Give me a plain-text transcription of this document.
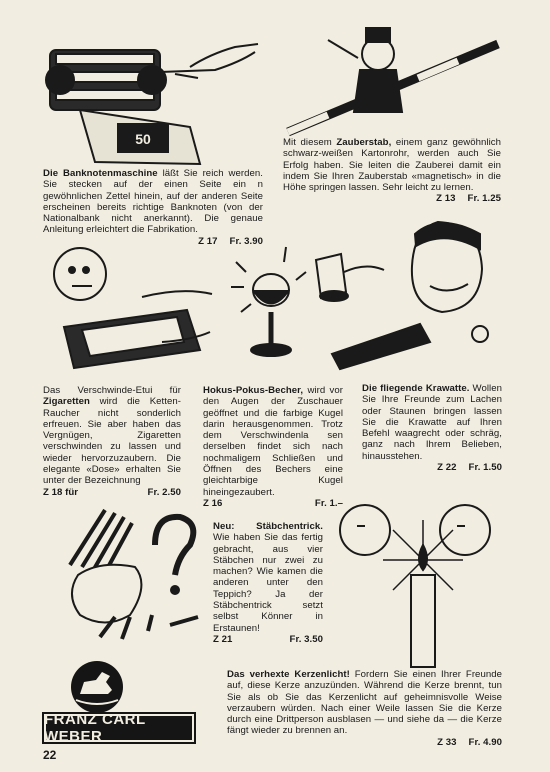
50	Mit diesem Zauberstab, einem ganz gewöhnlich schwarz-weißen Kartonrohr, werden auch Sie Erfolg haben. Sie leiten die Zauberei damit ein indem Sie Ihren Zauberstab «magnetisch» in die Höhe springen lassen. Sehr leicht zu lernen.
Z 13 Fr. 1.25
Die Banknotenmaschine läßt Sie reich werden. Sie stecken auf der einen Seite ein n gewöhnlichen Zettel hinein, auf der anderen Seite erscheinen bereits richtige Banknoten (von der Nationalbank nicht anerkannt). Die genaue Anleitung erleichtert die Fabrikation.
Z 17 Fr. 3.90
Das Verschwinde-Etui für Zigaretten wird die Ketten-Raucher nicht sonderlich erfreuen. Sie aber haben das Vergnügen, Zigaretten verschwinden zu lassen und wieder hervorzuzaubern. Die elegante «Dose» erhalten Sie unter der Bezeichnung
Z 18 für	Fr. 2.50
Hokus-Pokus-Becher, wird vor den Augen der Zuschauer geöffnet und die farbige Kugel darin herausgenommen. Trotz dem Verschwindenla sen derselben findet sich nach nochmaligem Schließen und Öffnen des Bechers eine gleichtarbige Kugel hineingezaubert.
Z 16	Fr. 1.–
Die fliegende Krawatte. Wollen Sie Ihre Freunde zum Lachen oder Staunen bringen lassen Sie die Krawatte auf Ihren Befehl waagrecht oder schräg, ganz nach Ihrem Belieben, hinausstehen.
Z 22 Fr. 1.50
Neu: Stäbchentrick. Wie haben Sie das fertig gebracht, aus vier Stäbchen nur zwei zu machen? Wie kamen die anderen unter den Teppich? Ja der Stäbchentrick setzt selbst Könner in Erstaunen!
Z 21	Fr. 3.50
Das verhexte Kerzenlicht! Fordern Sie einen Ihrer Freunde auf, diese Kerze anzuzünden. Während die Kerze brennt, tun Sie als ob Sie das Kerzenlicht auf geheimnisvolle Weise verzaubern würden. Nach einer Weile lassen Sie die Kerze durch eine Drittperson ausblasen — und siehe da — die Kerze fängt wieder zu brennen an.
Z 33 Fr. 4.90
FRANZ CARL WEBER
22
